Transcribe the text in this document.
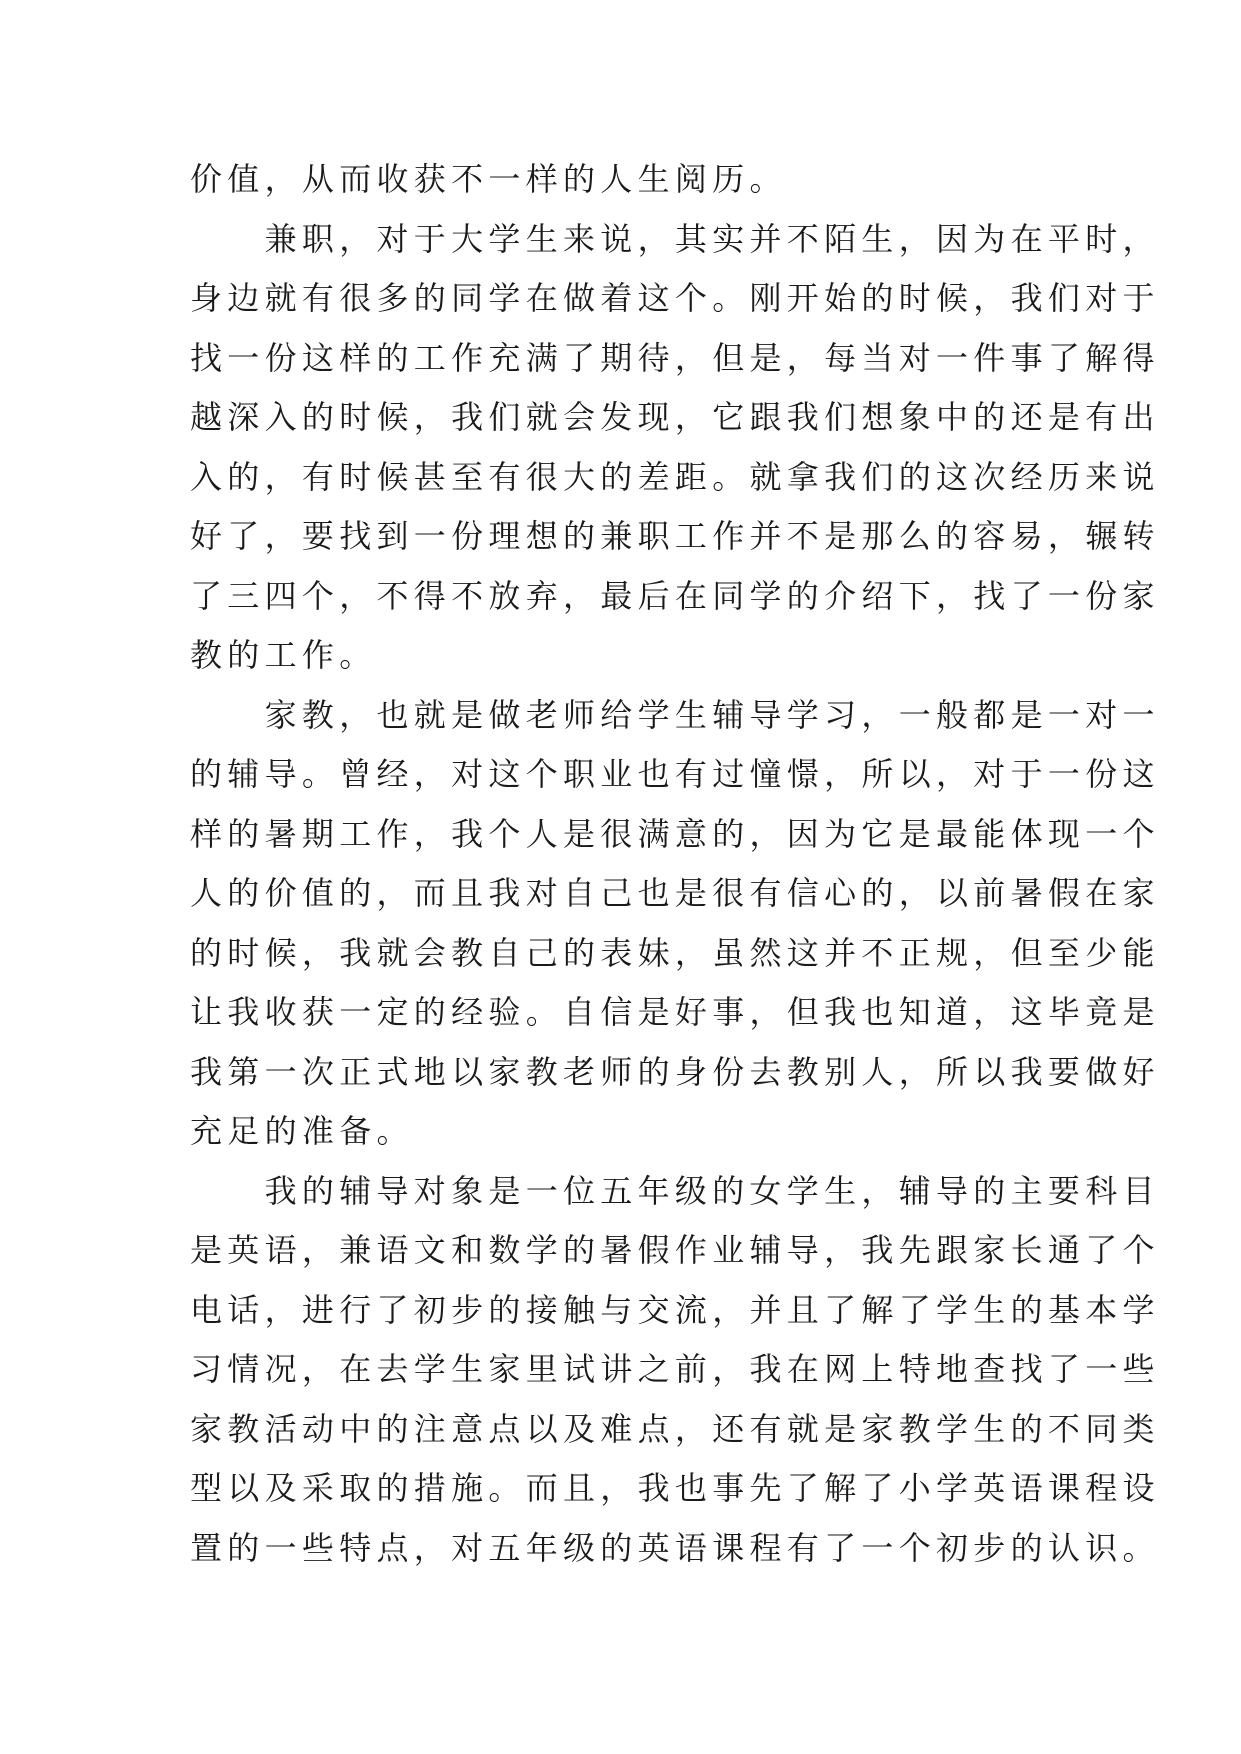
价值，从而收获不一样的人生阅历。
　　兼职，对于大学生来说，其实并不陌生，因为在平时，
身边就有很多的同学在做着这个。刚开始的时候，我们对于
找一份这样的工作充满了期待，但是，每当对一件事了解得
越深入的时候，我们就会发现，它跟我们想象中的还是有出
入的，有时候甚至有很大的差距。就拿我们的这次经历来说
好了，要找到一份理想的兼职工作并不是那么的容易，辗转
了三四个，不得不放弃，最后在同学的介绍下，找了一份家
教的工作。
　　家教，也就是做老师给学生辅导学习，一般都是一对一
的辅导。曾经，对这个职业也有过憧憬，所以，对于一份这
样的暑期工作，我个人是很满意的，因为它是最能体现一个
人的价值的，而且我对自己也是很有信心的，以前暑假在家
的时候，我就会教自己的表妹，虽然这并不正规，但至少能
让我收获一定的经验。自信是好事，但我也知道，这毕竟是
我第一次正式地以家教老师的身份去教别人，所以我要做好
充足的准备。
　　我的辅导对象是一位五年级的女学生，辅导的主要科目
是英语，兼语文和数学的暑假作业辅导，我先跟家长通了个
电话，进行了初步的接触与交流，并且了解了学生的基本学
习情况，在去学生家里试讲之前，我在网上特地查找了一些
家教活动中的注意点以及难点，还有就是家教学生的不同类
型以及采取的措施。而且，我也事先了解了小学英语课程设
置的一些特点，对五年级的英语课程有了一个初步的认识。
